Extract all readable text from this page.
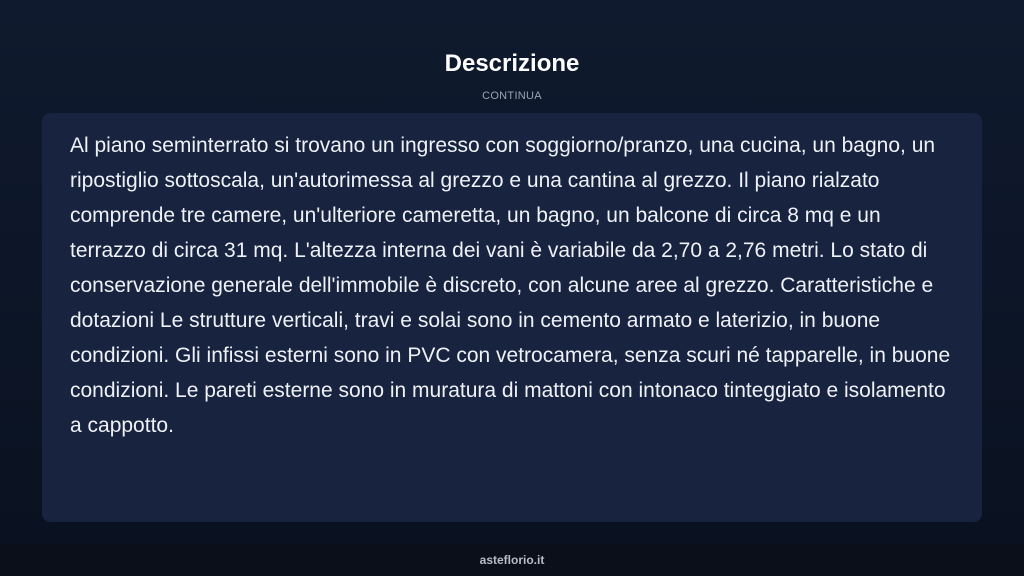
Descrizione
CONTINUA

Al piano seminterrato si trovano un ingresso con soggiorno/pranzo, una cucina, un bagno, un ripostiglio sottoscala, un'autorimessa al grezzo e una cantina al grezzo. Il piano rialzato comprende tre camere, un'ulteriore cameretta, un bagno, un balcone di circa 8 mq e un terrazzo di circa 31 mq. L'altezza interna dei vani è variabile da 2,70 a 2,76 metri. Lo stato di conservazione generale dell'immobile è discreto, con alcune aree al grezzo. Caratteristiche e dotazioni Le strutture verticali, travi e solai sono in cemento armato e laterizio, in buone condizioni. Gli infissi esterni sono in PVC con vetrocamera, senza scuri né tapparelle, in buone condizioni. Le pareti esterne sono in muratura di mattoni con intonaco tinteggiato e isolamento a cappotto.

asteflorio.it
